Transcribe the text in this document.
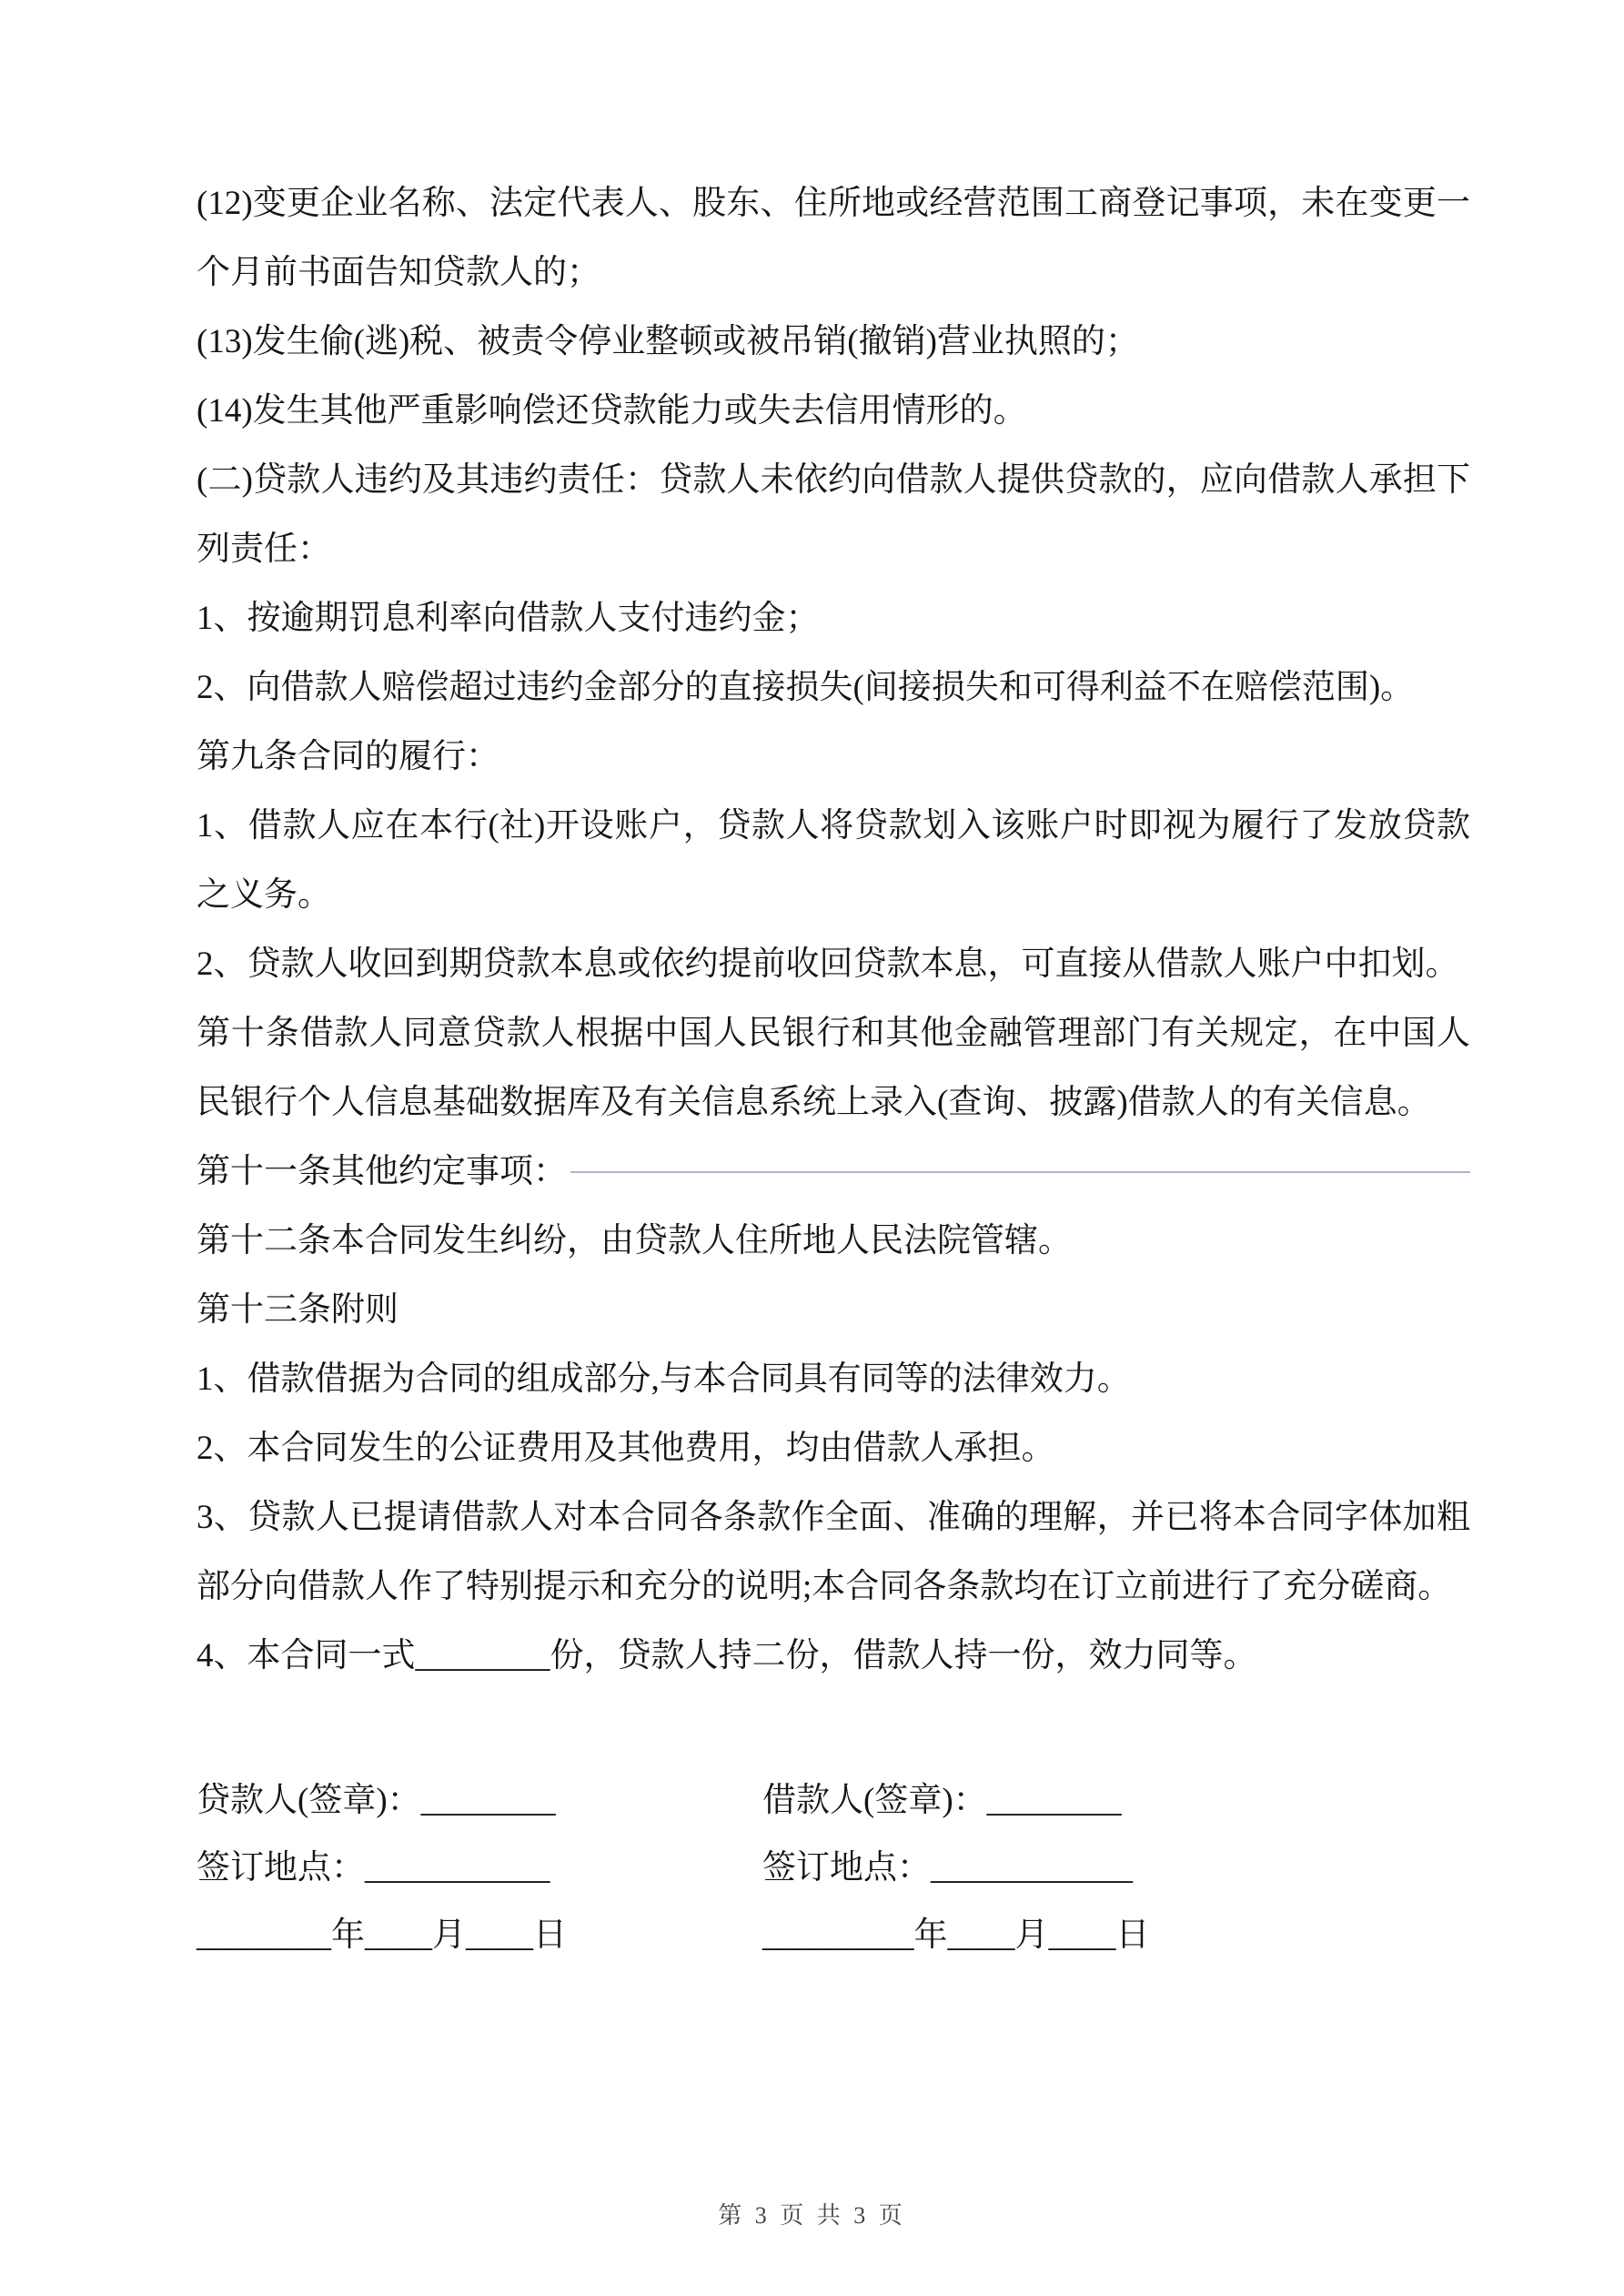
(12)变更企业名称、法定代表人、股东、住所地或经营范围工商登记事项，未在变更一个月前书面告知贷款人的；

(13)发生偷(逃)税、被责令停业整顿或被吊销(撤销)营业执照的；

(14)发生其他严重影响偿还贷款能力或失去信用情形的。

(二)贷款人违约及其违约责任：贷款人未依约向借款人提供贷款的，应向借款人承担下列责任：

1、按逾期罚息利率向借款人支付违约金；

2、向借款人赔偿超过违约金部分的直接损失(间接损失和可得利益不在赔偿范围)。

第九条合同的履行：

1、借款人应在本行(社)开设账户，贷款人将贷款划入该账户时即视为履行了发放贷款之义务。

2、贷款人收回到期贷款本息或依约提前收回贷款本息，可直接从借款人账户中扣划。

第十条借款人同意贷款人根据中国人民银行和其他金融管理部门有关规定，在中国人民银行个人信息基础数据库及有关信息系统上录入(查询、披露)借款人的有关信息。

第十一条其他约定事项：

第十二条本合同发生纠纷，由贷款人住所地人民法院管辖。

第十三条附则

1、借款借据为合同的组成部分,与本合同具有同等的法律效力。

2、本合同发生的公证费用及其他费用，均由借款人承担。

3、贷款人已提请借款人对本合同各条款作全面、准确的理解，并已将本合同字体加粗部分向借款人作了特别提示和充分的说明;本合同各条款均在订立前进行了充分磋商。

4、本合同一式________份，贷款人持二份，借款人持一份，效力同等。

贷款人(签章)：________

签订地点：___________

________年____月____日

借款人(签章)：________

签订地点：____________

_________年____月____日

第 3 页 共 3 页
